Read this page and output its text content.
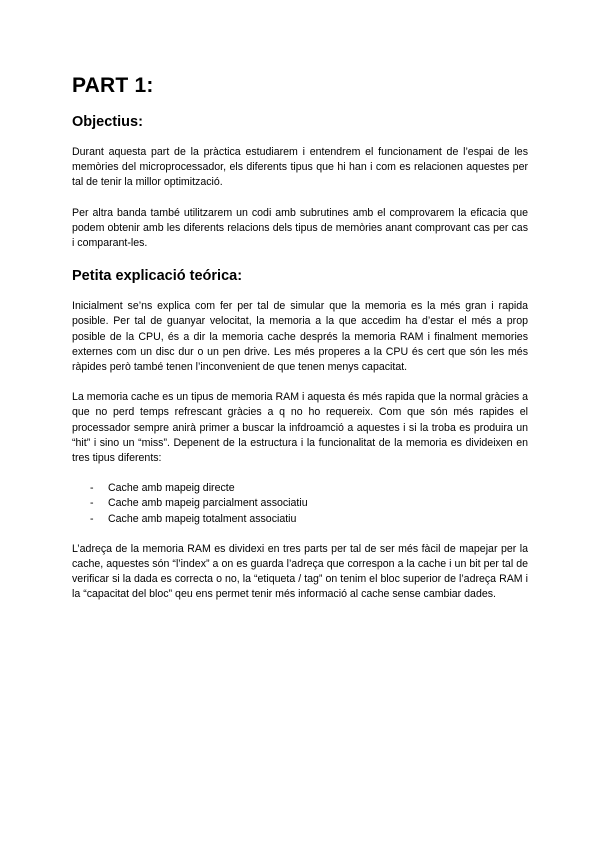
PART 1:
Objectius:

Durant aquesta part de la pràctica estudiarem i entendrem el funcionament de l’espai de les memòries del microprocessador, els diferents tipus que hi han i com es relacionen aquestes per tal de tenir la millor optimització.

Per altra banda també utilitzarem un codi amb subrutines amb el comprovarem la eficacia que podem obtenir amb les diferents relacions dels tipus de memòries anant comprovant cas per cas i comparant-les.

Petita explicació teórica:

Inicialment se’ns explica com fer per tal de simular que la memoria es la més gran i rapida posible. Per tal de guanyar velocitat, la memoria a la que accedim ha d’estar el més a prop posible de la CPU, és a dir la memoria cache després la memoria RAM i finalment memories externes com un disc dur o un pen drive. Les més properes a la CPU és cert que són les més ràpides però també tenen l’inconvenient de que tenen menys capacitat.

La memoria cache es un tipus de memoria RAM i aquesta és més rapida que la normal gràcies a que no perd temps refrescant gràcies a q no ho requereix. Com que són més rapides el processador sempre anirà primer a buscar la infdroamció a aquestes i si la troba es produira un “hit” i sino un “miss”. Depenent de la estructura i la funcionalitat de la memoria es divideixen en tres tipus diferents:

- Cache amb mapeig directe
- Cache amb mapeig parcialment associatiu
- Cache amb mapeig totalment associatiu

L’adreça de la memoria RAM es dividexi en tres parts per tal de ser més fàcil de mapejar per la cache, aquestes són “l’index” a on es guarda l’adreça que correspon a la cache i un bit per tal de verificar si la dada es correcta o no, la “etiqueta / tag” on tenim el bloc superior de l’adreça RAM i la “capacitat del bloc” qeu ens permet tenir més informació al cache sense cambiar dades.
